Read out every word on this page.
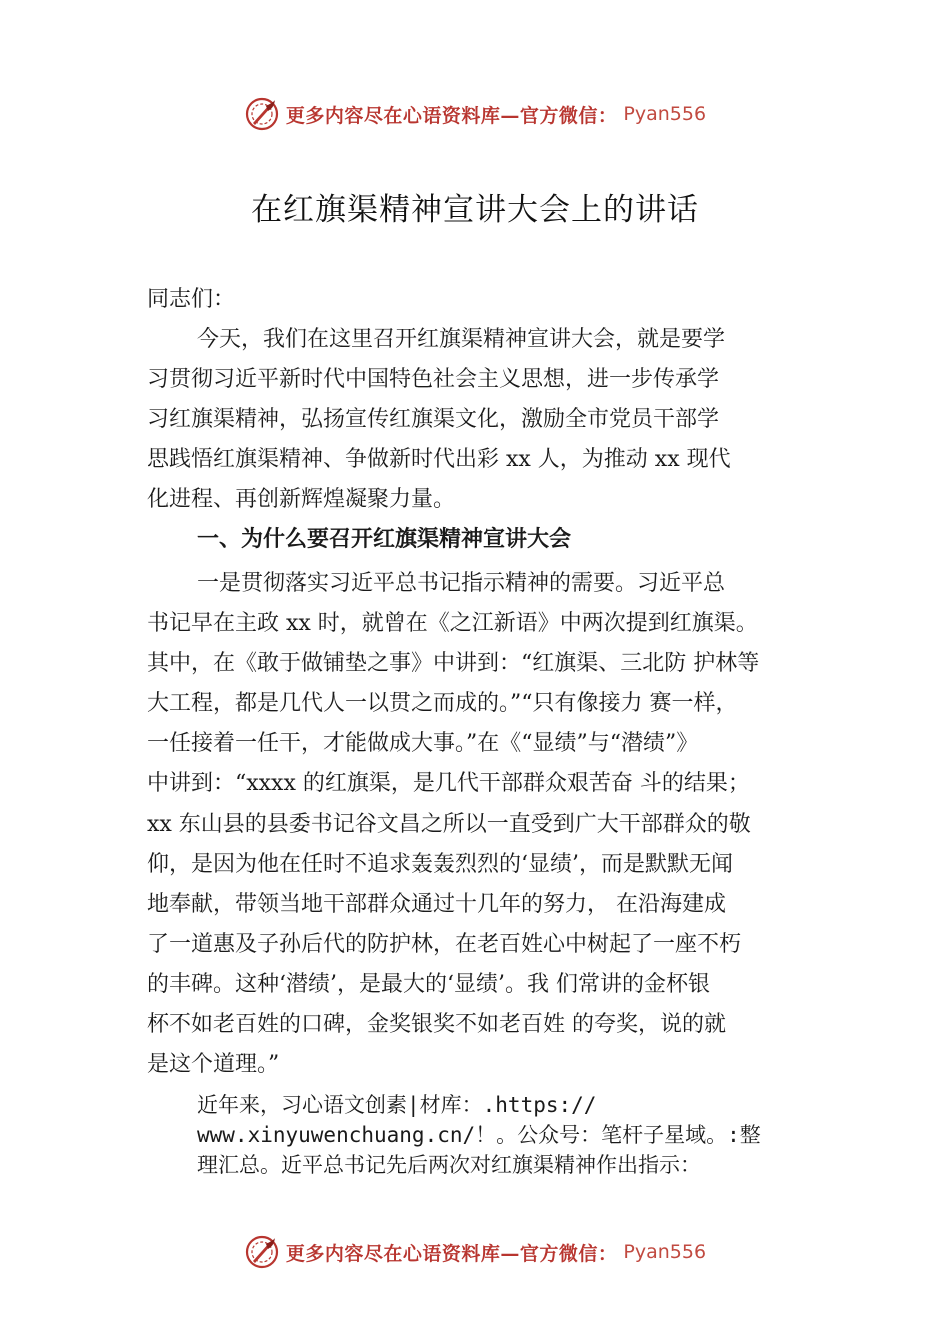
更多内容尽在心语资料库—官方微信： Pyan556
在红旗渠精神宣讲大会上的讲话
同志们：
今天，我们在这里召开红旗渠精神宣讲大会，就是要学
习贯彻习近平新时代中国特色社会主义思想，进一步传承学
习红旗渠精神，弘扬宣传红旗渠文化，激励全市党员干部学
思践悟红旗渠精神、争做新时代出彩 xx 人，为推动 xx 现代
化进程、再创新辉煌凝聚力量。
一、为什么要召开红旗渠精神宣讲大会
一是贯彻落实习近平总书记指示精神的需要。习近平总
书记早在主政 xx 时，就曾在《之江新语》中两次提到红旗渠。
其中，在《敢于做铺垫之事》中讲到：“红旗渠、三北防 护林等
大工程，都是几代人一以贯之而成的。”“只有像接力 赛一样，
一任接着一任干，才能做成大事。”在《“显绩”与“潜绩”》
中讲到：“xxxx 的红旗渠，是几代干部群众艰苦奋 斗的结果；
xx 东山县的县委书记谷文昌之所以一直受到广大干部群众的敬
仰，是因为他在任时不追求轰轰烈烈的‘显绩’，而是默默无闻
地奉献，带领当地干部群众通过十几年的努力， 在沿海建成
了一道惠及子孙后代的防护林，在老百姓心中树起了一座不朽
的丰碑。这种‘潜绩’，是最大的‘显绩’。我 们常讲的金杯银
杯不如老百姓的口碑，金奖银奖不如老百姓 的夸奖，说的就
是这个道理。”
近年来，习心语文创素|材库：.https://
www.xinyuwenchuang.cn/！。公众号：笔杆子星域。:整
理汇总。近平总书记先后两次对红旗渠精神作出指示：
更多内容尽在心语资料库—官方微信： Pyan556
